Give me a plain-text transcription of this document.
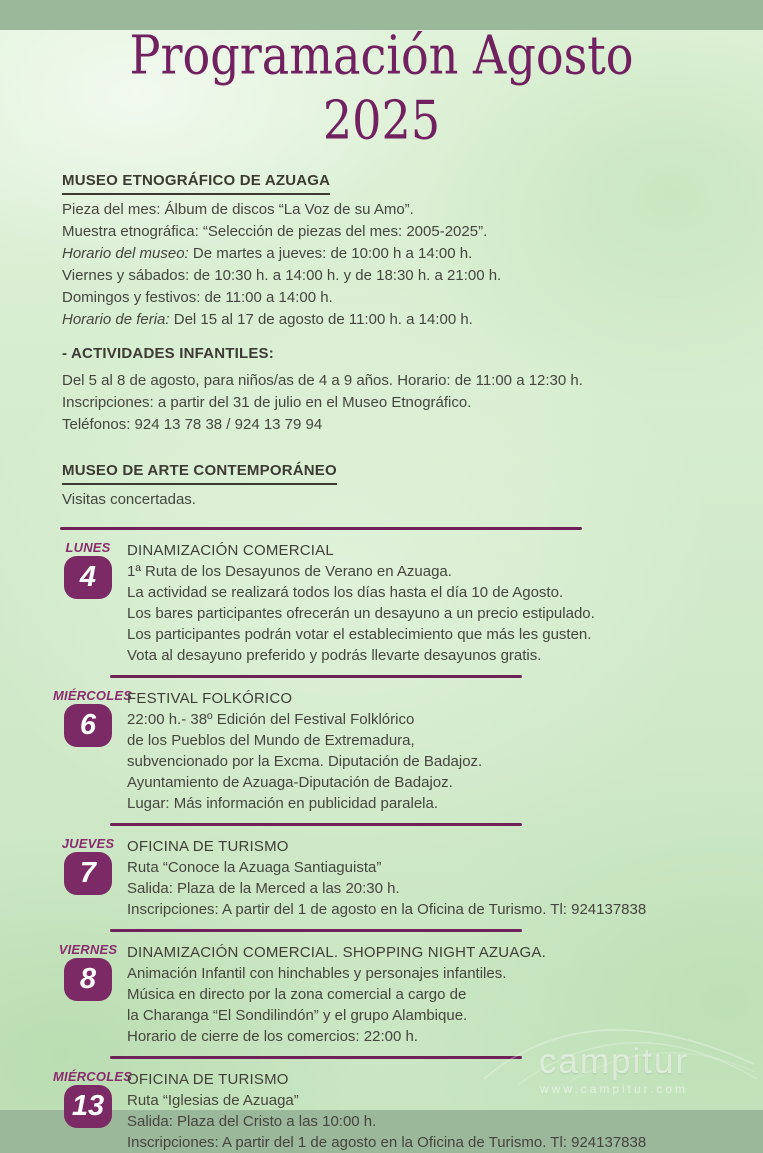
Programación Agosto 2025
MUSEO ETNOGRÁFICO DE AZUAGA
Pieza del mes: Álbum de discos “La Voz de su Amo”.
Muestra etnográfica: “Selección de piezas del mes: 2005-2025”.
Horario del museo: De martes a jueves: de 10:00 h a 14:00 h.
Viernes y sábados: de 10:30 h. a 14:00 h. y de 18:30 h. a 21:00 h.
Domingos y festivos: de 11:00 a 14:00 h.
Horario de feria: Del 15 al 17 de agosto de 11:00 h. a 14:00 h.
- ACTIVIDADES INFANTILES:
Del 5 al 8 de agosto, para niños/as de 4 a 9 años. Horario: de 11:00 a 12:30 h.
Inscripciones: a partir del 31 de julio en el Museo Etnográfico.
Teléfonos: 924 13 78 38 / 924 13 79 94
MUSEO DE ARTE CONTEMPORÁNEO
Visitas concertadas.
LUNES
4
DINAMIZACIÓN COMERCIAL
1ª Ruta de los Desayunos de Verano en Azuaga.
La actividad se realizará todos los días hasta el día 10 de Agosto.
Los bares participantes ofrecerán un desayuno a un precio estipulado.
Los participantes podrán votar el establecimiento que más les gusten.
Vota al desayuno preferido y podrás llevarte desayunos gratis.
MIÉRCOLES
6
FESTIVAL FOLKÓRICO
22:00 h.- 38º Edición del Festival Folklórico
de los Pueblos del Mundo de Extremadura,
subvencionado por la Excma. Diputación de Badajoz.
Ayuntamiento de Azuaga-Diputación de Badajoz.
Lugar: Más información en publicidad paralela.
JUEVES
7
OFICINA DE TURISMO
Ruta “Conoce la Azuaga Santiaguista”
Salida: Plaza de la Merced a las 20:30 h.
Inscripciones: A partir del 1 de agosto en la Oficina de Turismo. Tl: 924137838
VIERNES
8
DINAMIZACIÓN COMERCIAL. SHOPPING NIGHT AZUAGA.
Animación Infantil con hinchables y personajes infantiles.
Música en directo por la zona comercial a cargo de
la Charanga “El Sondilindón” y el grupo Alambique.
Horario de cierre de los comercios: 22:00 h.
MIÉRCOLES
13
OFICINA DE TURISMO
Ruta “Iglesias de Azuaga”
Salida: Plaza del Cristo a las 10:00 h.
Inscripciones: A partir del 1 de agosto en la Oficina de Turismo. Tl: 924137838
campitur
www.campitur.com
